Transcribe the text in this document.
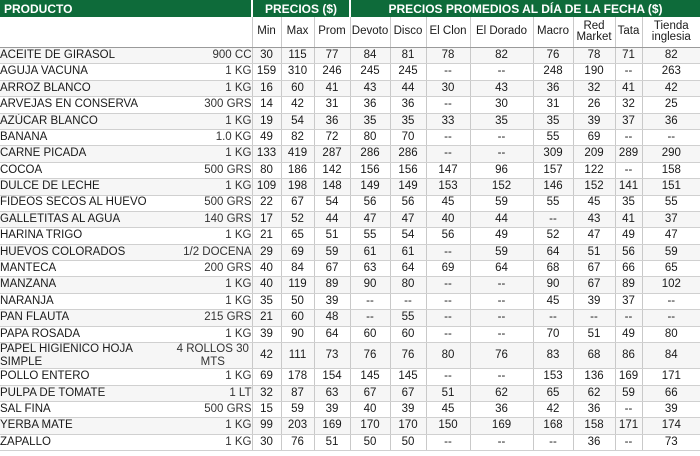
PRODUCTO		PRECIOS ($)			PRECIOS PROMEDIOS AL DÍA DE LA FECHA ($)							
		Min	Max	Prom	Devoto	Disco	El Clon	El Dorado	Macro	Red Market	Tata	Tienda inglesia
ACEITE DE GIRASOL	900 CC	30	115	77	84	81	78	82	76	78	71	82
AGUJA VACUNA	1 KG	159	310	246	245	245	--	--	248	190	--	263
ARROZ BLANCO	1 KG	16	60	41	43	44	30	43	36	32	41	42
ARVEJAS EN CONSERVA	300 GRS	14	42	31	36	36	--	30	31	26	32	25
AZÚCAR BLANCO	1 KG	19	54	36	35	35	33	35	35	39	37	36
BANANA	1.0 KG	49	82	72	80	70	--	--	55	69	--	--
CARNE PICADA	1 KG	133	419	287	286	286	--	--	309	209	289	290
COCOA	500 GRS	80	186	142	156	156	147	96	157	122	--	158
DULCE DE LECHE	1 KG	109	198	148	149	149	153	152	146	152	141	151
FIDEOS SECOS AL HUEVO	500 GRS	22	67	54	56	56	45	59	55	45	35	55
GALLETITAS AL AGUA	140 GRS	17	52	44	47	47	40	44	--	43	41	37
HARINA TRIGO	1 KG	21	65	51	55	54	56	49	52	47	49	47
HUEVOS COLORADOS	1/2 DOCENA	29	69	59	61	61	--	59	64	51	56	59
MANTECA	200 GRS	40	84	67	63	64	69	64	68	67	66	65
MANZANA	1 KG	40	119	89	90	80	--	--	90	67	89	102
NARANJA	1 KG	35	50	39	--	--	--	--	45	39	37	--
PAN FLAUTA	215 GRS	21	60	48	--	55	--	--	--	--	--	--
PAPA ROSADA	1 KG	39	90	64	60	60	--	--	70	51	49	80
PAPEL HIGIÉNICO HOJA SIMPLE	4 ROLLOS 30 MTS	42	111	73	76	76	80	76	83	68	86	84
POLLO ENTERO	1 KG	69	178	154	145	145	--	--	153	136	169	171
PULPA DE TOMATE	1 LT	32	87	63	67	67	51	62	65	62	59	66
SAL FINA	500 GRS	15	59	39	40	39	45	36	42	36	--	39
YERBA MATE	1 KG	99	203	169	170	170	150	169	168	158	171	174
ZAPALLO	1 KG	30	76	51	50	50	--	--	--	36	--	73
